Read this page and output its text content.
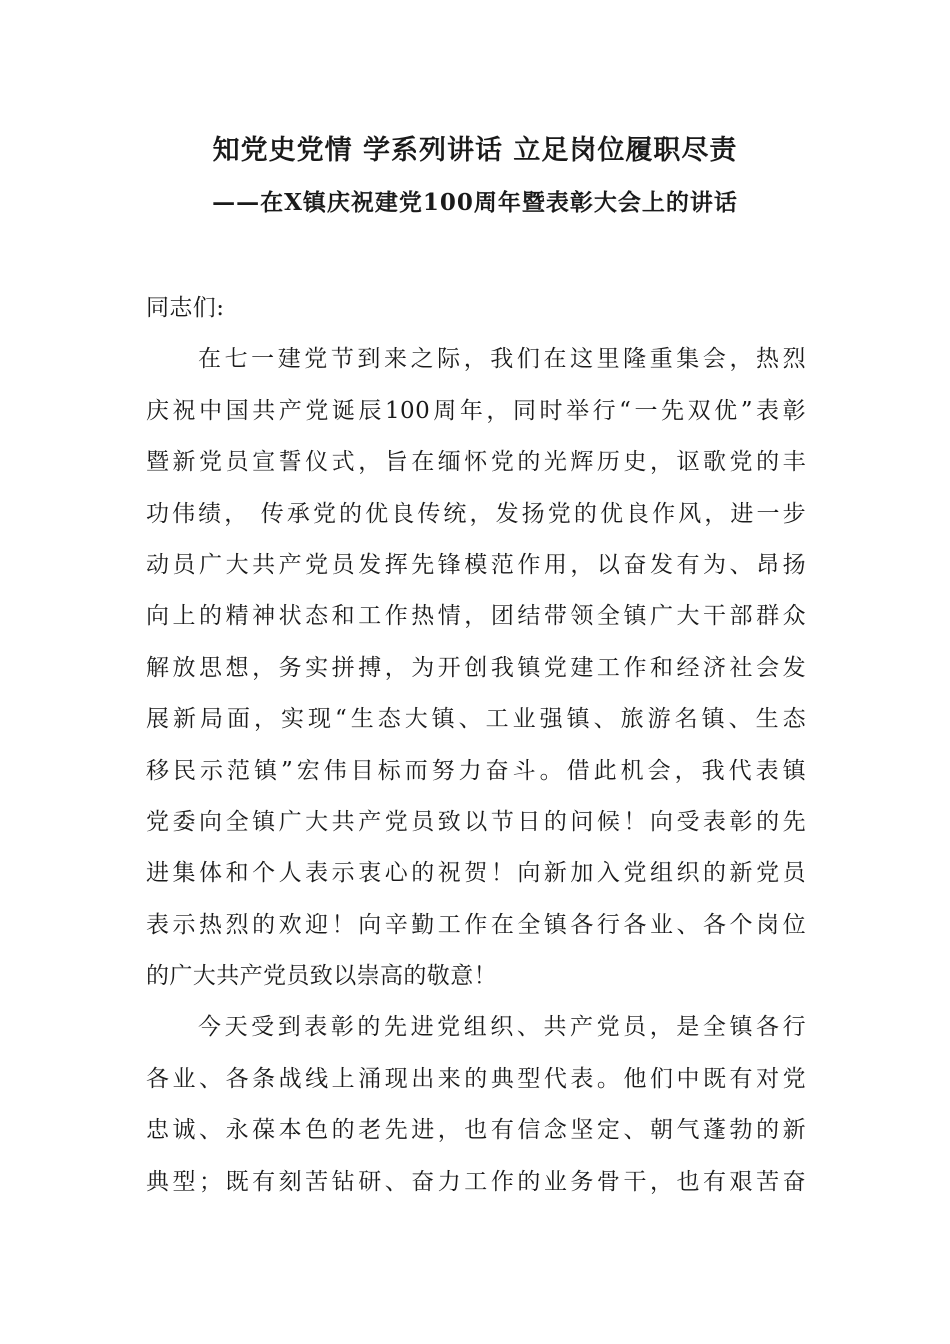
知党史党情 学系列讲话 立足岗位履职尽责
——在X镇庆祝建党100周年暨表彰大会上的讲话
同志们:
在七一建党节到来之际，我们在这里隆重集会，热烈
庆祝中国共产党诞辰100周年，同时举行“一先双优”表彰
暨新党员宣誓仪式，旨在缅怀党的光辉历史，讴歌党的丰
功伟绩， 传承党的优良传统，发扬党的优良作风，进一步
动员广大共产党员发挥先锋模范作用，以奋发有为、昂扬
向上的精神状态和工作热情，团结带领全镇广大干部群众
解放思想，务实拼搏，为开创我镇党建工作和经济社会发
展新局面，实现“生态大镇、工业强镇、旅游名镇、生态
移民示范镇”宏伟目标而努力奋斗。借此机会，我代表镇
党委向全镇广大共产党员致以节日的问候！向受表彰的先
进集体和个人表示衷心的祝贺！向新加入党组织的新党员
表示热烈的欢迎！向辛勤工作在全镇各行各业、各个岗位
的广大共产党员致以崇高的敬意！
今天受到表彰的先进党组织、共产党员，是全镇各行
各业、各条战线上涌现出来的典型代表。他们中既有对党
忠诚、永葆本色的老先进，也有信念坚定、朝气蓬勃的新
典型；既有刻苦钻研、奋力工作的业务骨干，也有艰苦奋
